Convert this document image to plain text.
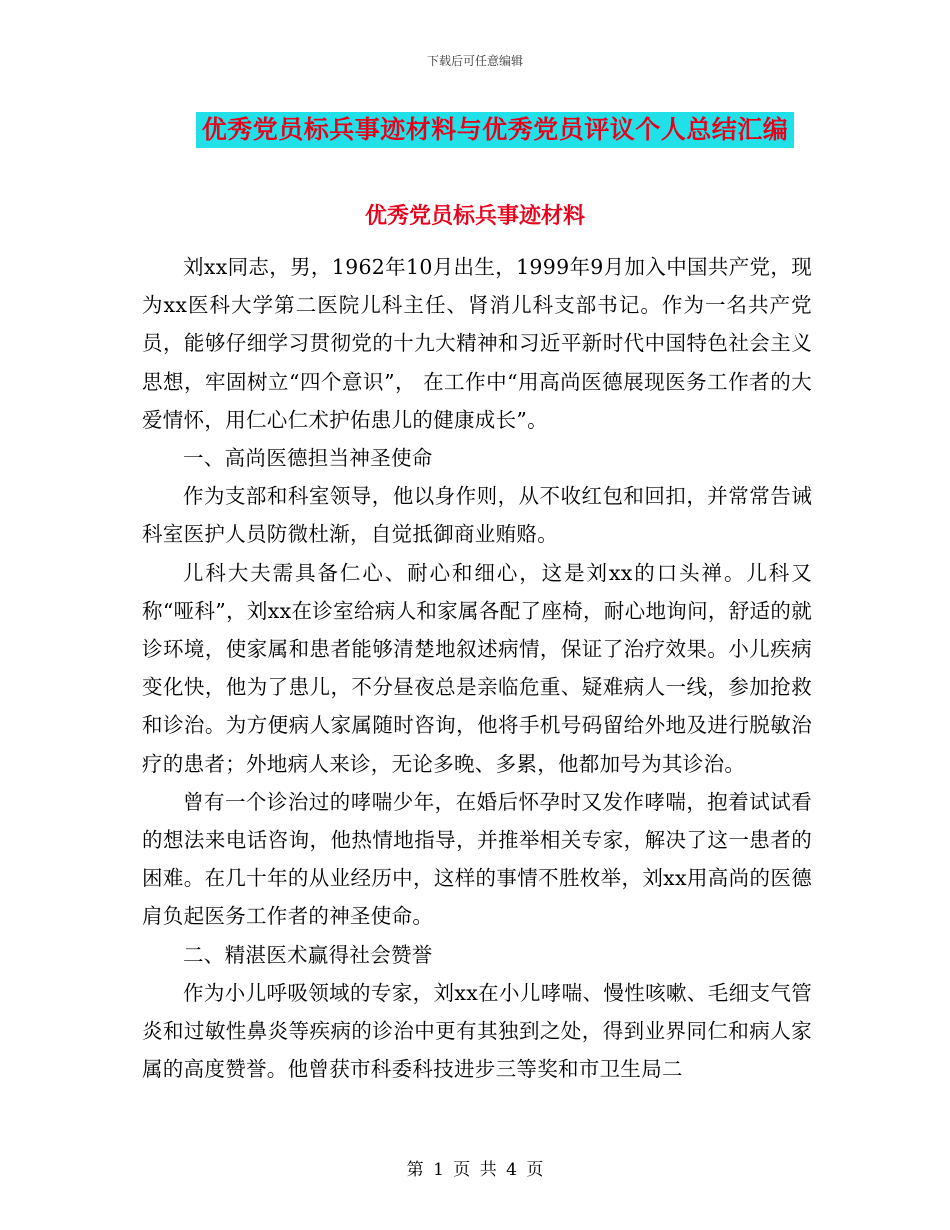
下载后可任意编辑
优秀党员标兵事迹材料与优秀党员评议个人总结汇编
优秀党员标兵事迹材料

刘xx同志，男，1962年10月出生，1999年9月加入中国共产党，现为xx医科大学第二医院儿科主任、肾消儿科支部书记。作为一名共产党员，能够仔细学习贯彻党的十九大精神和习近平新时代中国特色社会主义思想，牢固树立“四个意识”， 在工作中“用高尚医德展现医务工作者的大爱情怀，用仁心仁术护佑患儿的健康成长”。

一、高尚医德担当神圣使命

作为支部和科室领导，他以身作则，从不收红包和回扣，并常常告诫科室医护人员防微杜渐，自觉抵御商业贿赂。

儿科大夫需具备仁心、耐心和细心，这是刘xx的口头禅。儿科又称“哑科”，刘xx在诊室给病人和家属各配了座椅，耐心地询问，舒适的就诊环境，使家属和患者能够清楚地叙述病情，保证了治疗效果。小儿疾病变化快，他为了患儿，不分昼夜总是亲临危重、疑难病人一线，参加抢救和诊治。为方便病人家属随时咨询，他将手机号码留给外地及进行脱敏治疗的患者；外地病人来诊，无论多晚、多累，他都加号为其诊治。

曾有一个诊治过的哮喘少年，在婚后怀孕时又发作哮喘，抱着试试看的想法来电话咨询，他热情地指导，并推举相关专家，解决了这一患者的困难。在几十年的从业经历中，这样的事情不胜枚举，刘xx用高尚的医德肩负起医务工作者的神圣使命。

二、精湛医术赢得社会赞誉

作为小儿呼吸领域的专家，刘xx在小儿哮喘、慢性咳嗽、毛细支气管炎和过敏性鼻炎等疾病的诊治中更有其独到之处，得到业界同仁和病人家属的高度赞誉。他曾获市科委科技进步三等奖和市卫生局二

第 1 页 共 4 页
